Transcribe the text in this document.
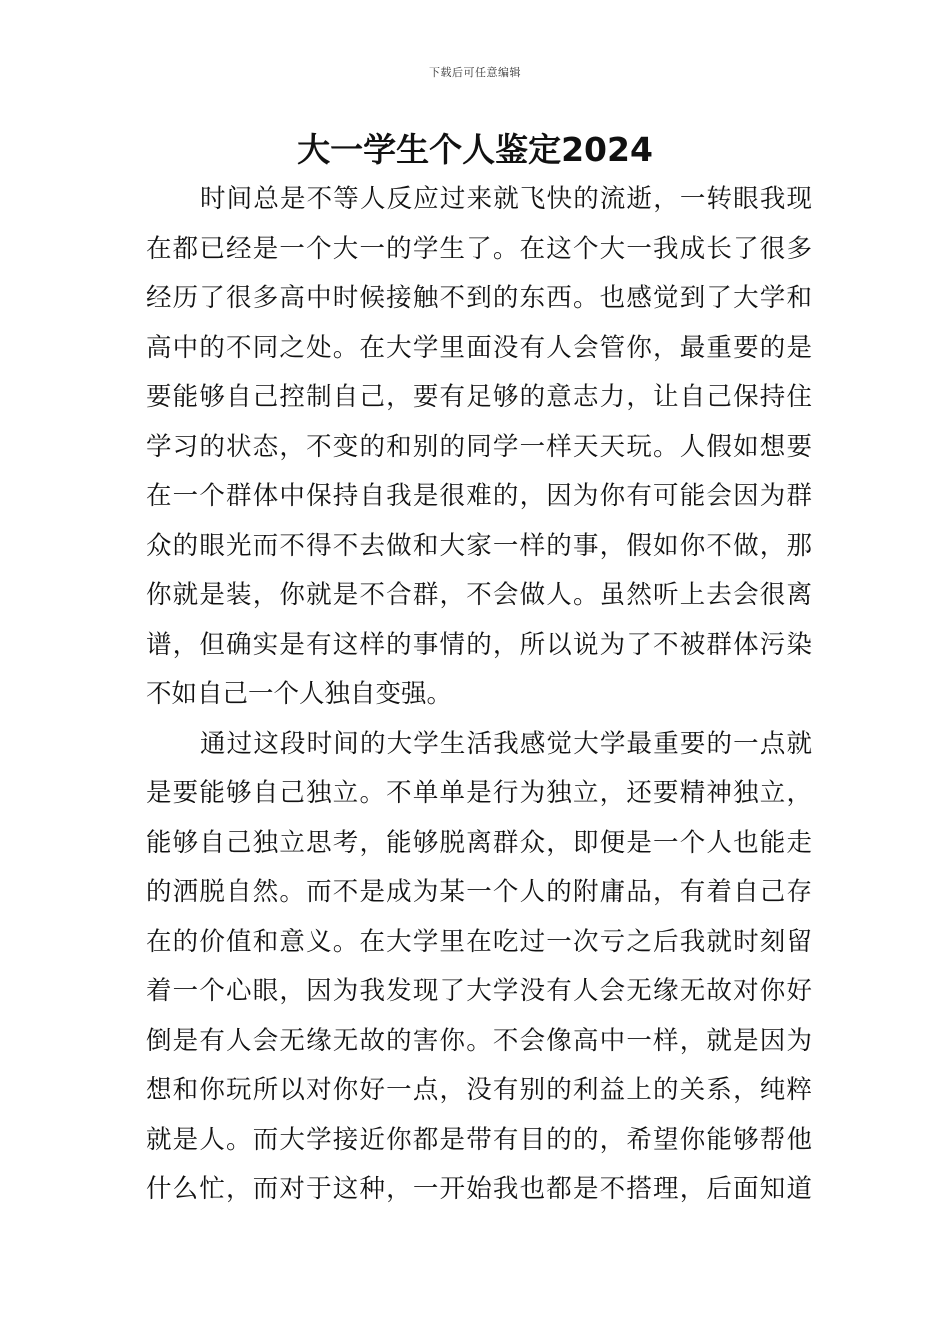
下载后可任意编辑
大一学生个人鉴定2024
时间总是不等人反应过来就飞快的流逝，一转眼我现
在都已经是一个大一的学生了。在这个大一我成长了很多
经历了很多高中时候接触不到的东西。也感觉到了大学和
高中的不同之处。在大学里面没有人会管你，最重要的是
要能够自己控制自己，要有足够的意志力，让自己保持住
学习的状态，不变的和别的同学一样天天玩。人假如想要
在一个群体中保持自我是很难的，因为你有可能会因为群
众的眼光而不得不去做和大家一样的事，假如你不做，那
你就是装，你就是不合群，不会做人。虽然听上去会很离
谱，但确实是有这样的事情的，所以说为了不被群体污染
不如自己一个人独自变强。
通过这段时间的大学生活我感觉大学最重要的一点就
是要能够自己独立。不单单是行为独立，还要精神独立，
能够自己独立思考，能够脱离群众，即便是一个人也能走
的洒脱自然。而不是成为某一个人的附庸品，有着自己存
在的价值和意义。在大学里在吃过一次亏之后我就时刻留
着一个心眼，因为我发现了大学没有人会无缘无故对你好
倒是有人会无缘无故的害你。不会像高中一样，就是因为
想和你玩所以对你好一点，没有别的利益上的关系，纯粹
就是人。而大学接近你都是带有目的的，希望你能够帮他
什么忙，而对于这种，一开始我也都是不搭理，后面知道
